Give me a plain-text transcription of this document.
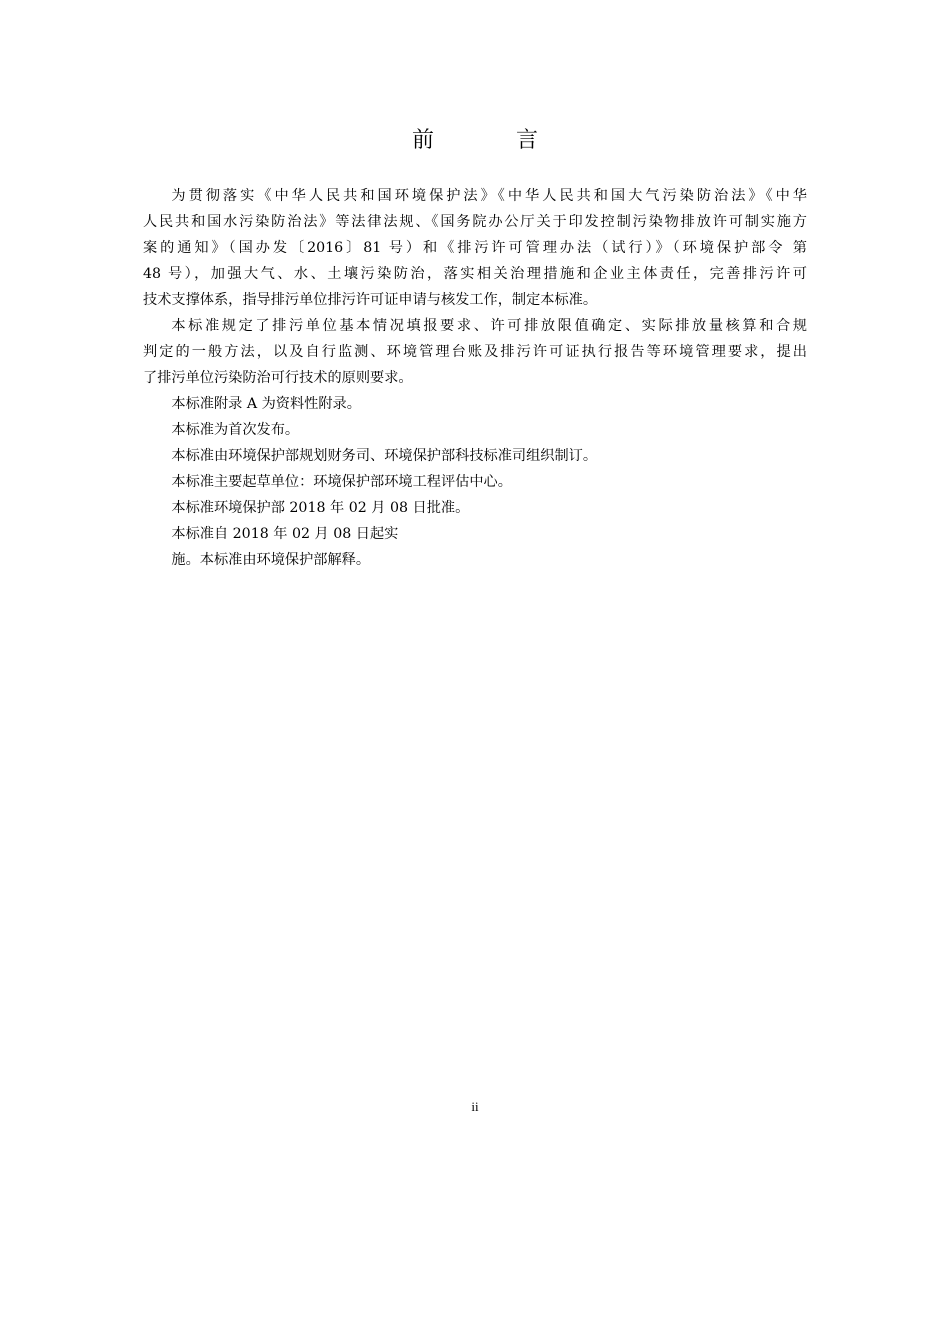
前　言
为贯彻落实《中华人民共和国环境保护法》《中华人民共和国大气污染防治法》《中华
人民共和国水污染防治法》等法律法规、《国务院办公厅关于印发控制污染物排放许可制实施方
案的通知》（国办发〔2016〕81 号）和《排污许可管理办法（试行）》（环境保护部令 第
48 号），加强大气、水、土壤污染防治，落实相关治理措施和企业主体责任，完善排污许可
技术支撑体系，指导排污单位排污许可证申请与核发工作，制定本标准。
本标准规定了排污单位基本情况填报要求、许可排放限值确定、实际排放量核算和合规
判定的一般方法，以及自行监测、环境管理台账及排污许可证执行报告等环境管理要求，提出
了排污单位污染防治可行技术的原则要求。

本标准附录 A 为资料性附录。

本标准为首次发布。

本标准由环境保护部规划财务司、环境保护部科技标准司组织制订。

本标准主要起草单位：环境保护部环境工程评估中心。

本标准环境保护部 2018 年 02 月 08 日批准。

本标准自 2018 年 02 月 08 日起实

施。本标准由环境保护部解释。

ii
